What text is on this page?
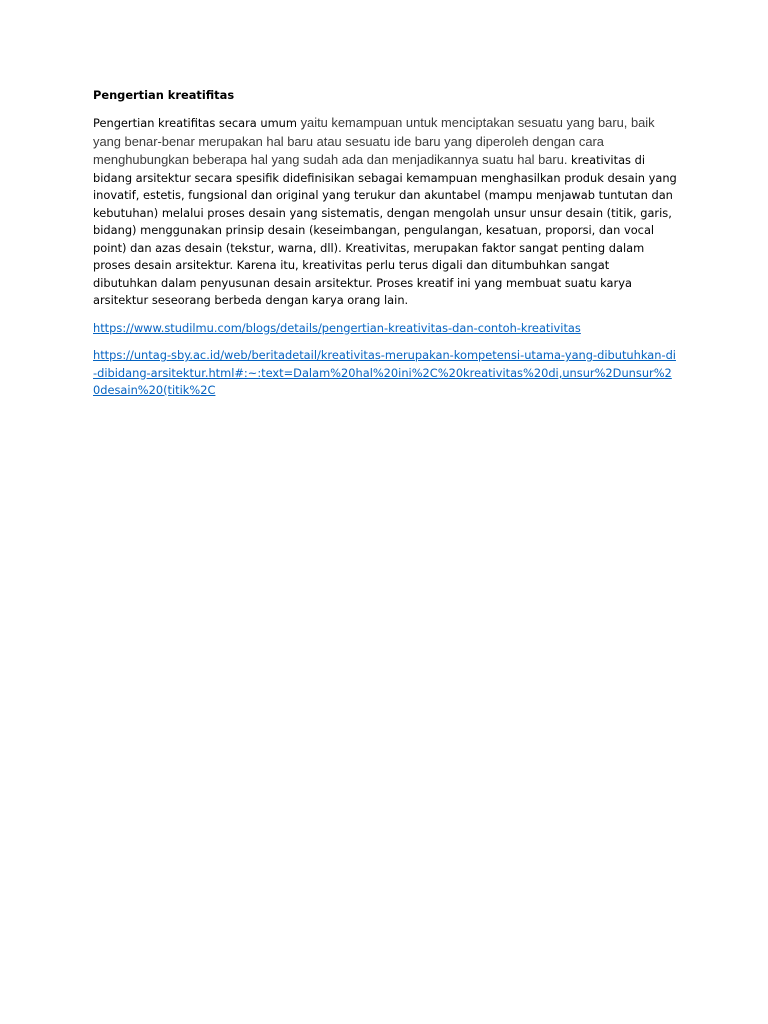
Pengertian kreatifitas
Pengertian kreatifitas secara umum yaitu kemampuan untuk menciptakan sesuatu yang baru, baik yang benar-benar merupakan hal baru atau sesuatu ide baru yang diperoleh dengan cara menghubungkan beberapa hal yang sudah ada dan menjadikannya suatu hal baru. kreativitas di bidang arsitektur secara spesifik didefinisikan sebagai kemampuan menghasilkan produk desain yang inovatif, estetis, fungsional dan original yang terukur dan akuntabel (mampu menjawab tuntutan dan kebutuhan) melalui proses desain yang sistematis, dengan mengolah unsur unsur desain (titik, garis, bidang) menggunakan prinsip desain (keseimbangan, pengulangan, kesatuan, proporsi, dan vocal point) dan azas desain (tekstur, warna, dll). Kreativitas, merupakan faktor sangat penting dalam proses desain arsitektur. Karena itu, kreativitas perlu terus digali dan ditumbuhkan sangat dibutuhkan dalam penyusunan desain arsitektur. Proses kreatif ini yang membuat suatu karya arsitektur seseorang berbeda dengan karya orang lain.
https://www.studilmu.com/blogs/details/pengertian-kreativitas-dan-contoh-kreativitas
https://untag-sby.ac.id/web/beritadetail/kreativitas-merupakan-kompetensi-utama-yang-dibutuhkan-di-dibidang-arsitektur.html#:~:text=Dalam%20hal%20ini%2C%20kreativitas%20di,unsur%2Dunsur%20desain%20(titik%2C
